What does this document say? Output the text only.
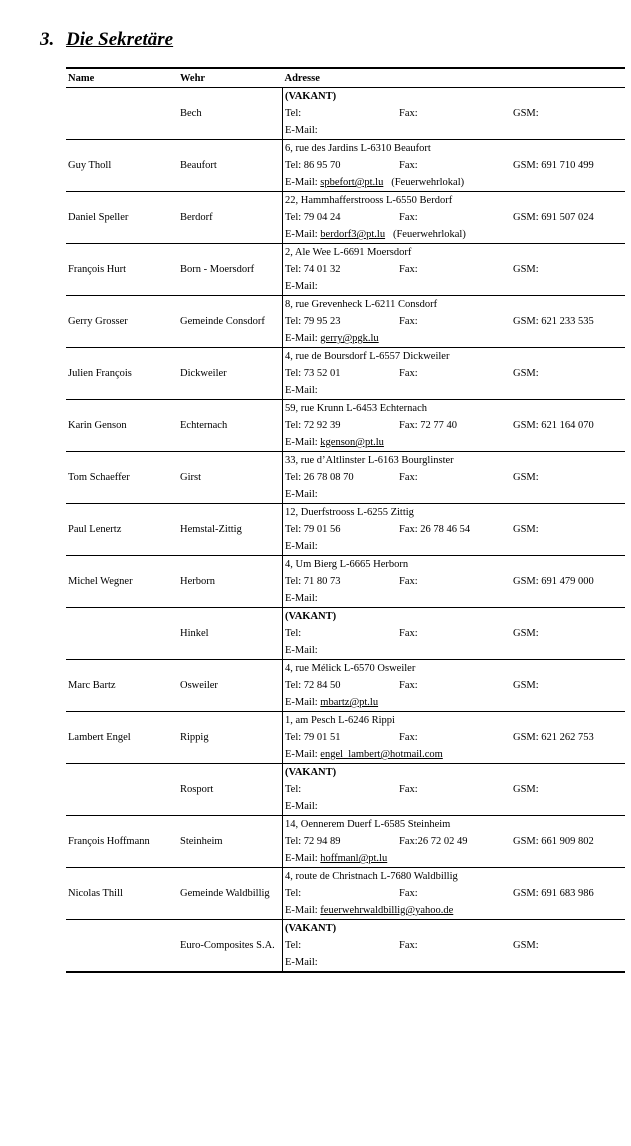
3. Die Sekretäre
Name	Wehr	Adresse
	Bech	(VAKANT)
Tel: Fax: GSM:
E-Mail:

Guy Tholl	Beaufort	6, rue des Jardins L-6310 Beaufort
Tel: 86 95 70 Fax: GSM: 691 710 499
E-Mail: spbefort@pt.lu (Feuerwehrlokal)

Daniel Speller	Berdorf	22, Hammhafferstrooss L-6550 Berdorf
Tel: 79 04 24 Fax: GSM: 691 507 024
E-Mail: berdorf3@pt.lu (Feuerwehrlokal)

François Hurt	Born - Moersdorf	2, Ale Wee L-6691 Moersdorf
Tel: 74 01 32 Fax: GSM:
E-Mail:

Gerry Grosser	Gemeinde Consdorf	8, rue Grevenheck L-6211 Consdorf
Tel: 79 95 23 Fax: GSM: 621 233 535
E-Mail: gerry@pgk.lu

Julien François	Dickweiler	4, rue de Boursdorf L-6557 Dickweiler
Tel: 73 52 01 Fax: GSM:
E-Mail:

Karin Genson	Echternach	59, rue Krunn L-6453 Echternach
Tel: 72 92 39 Fax: 72 77 40 GSM: 621 164 070
E-Mail: kgenson@pt.lu

Tom Schaeffer	Girst	33, rue d’Altlinster L-6163 Bourglinster
Tel: 26 78 08 70 Fax: GSM:
E-Mail:

Paul Lenertz	Hemstal-Zittig	12, Duerfstrooss L-6255 Zittig
Tel: 79 01 56 Fax: 26 78 46 54 GSM:
E-Mail:

Michel Wegner	Herborn	4, Um Bierg L-6665 Herborn
Tel: 71 80 73 Fax: GSM: 691 479 000
E-Mail:

	Hinkel	(VAKANT)
Tel: Fax: GSM:
E-Mail:

Marc Bartz	Osweiler	4, rue Mélick L-6570 Osweiler
Tel: 72 84 50 Fax: GSM:
E-Mail: mbartz@pt.lu

Lambert Engel	Rippig	1, am Pesch L-6246 Rippi
Tel: 79 01 51 Fax: GSM: 621 262 753
E-Mail: engel_lambert@hotmail.com

	Rosport	(VAKANT)
Tel: Fax: GSM:
E-Mail:

François Hoffmann	Steinheim	14, Oennerem Duerf L-6585 Steinheim
Tel: 72 94 89 Fax:26 72 02 49 GSM: 661 909 802
E-Mail: hoffmanl@pt.lu

Nicolas Thill	Gemeinde Waldbillig	4, route de Christnach L-7680 Waldbillig
Tel: Fax: GSM: 691 683 986
E-Mail: feuerwehrwaldbillig@yahoo.de

	Euro-Composites S.A.	(VAKANT)
Tel: Fax: GSM:
E-Mail:
